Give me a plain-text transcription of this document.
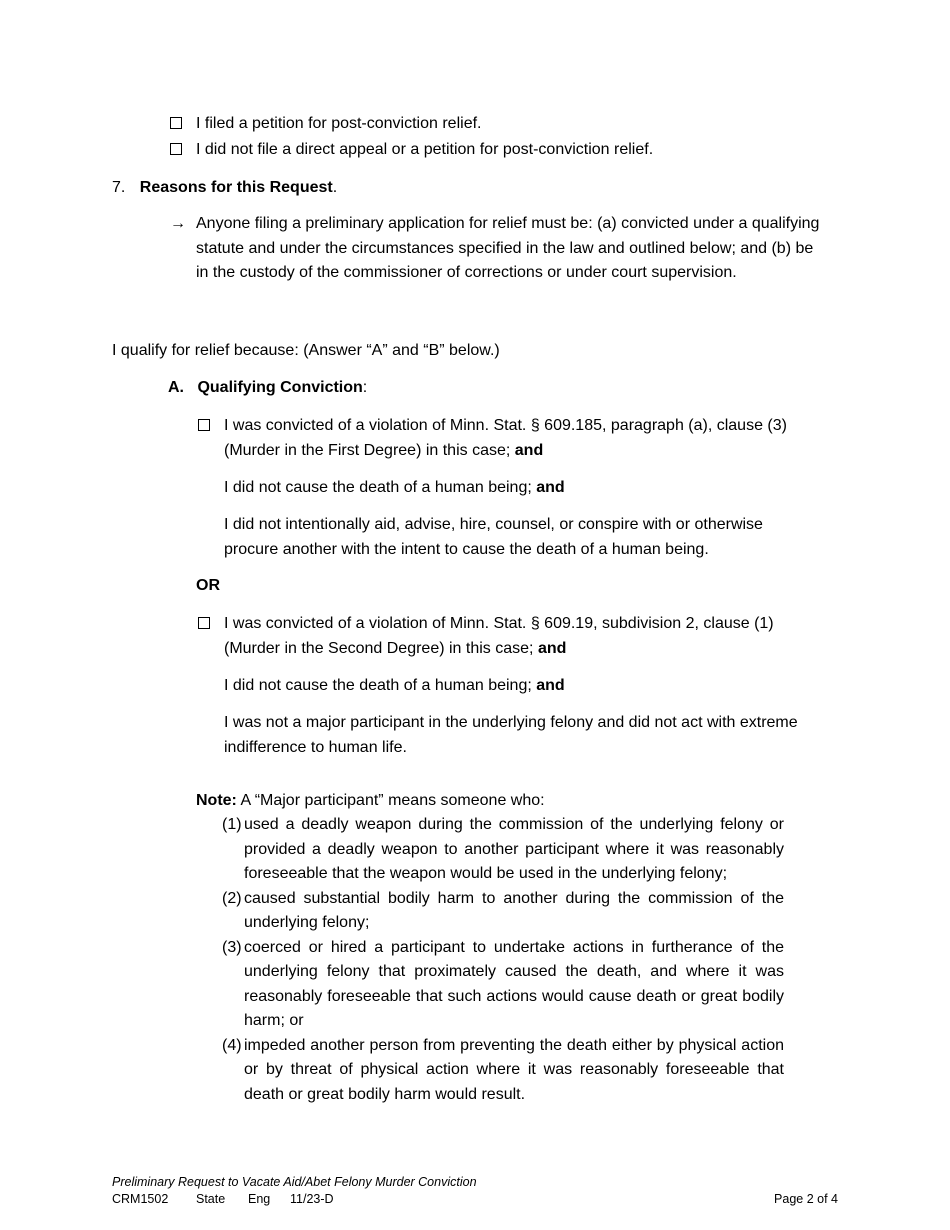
I filed a petition for post-conviction relief.
I did not file a direct appeal or a petition for post-conviction relief.
7. Reasons for this Request.
→ Anyone filing a preliminary application for relief must be: (a) convicted under a qualifying statute and under the circumstances specified in the law and outlined below; and (b) be in the custody of the commissioner of corrections or under court supervision.
I qualify for relief because: (Answer “A” and “B” below.)
A. Qualifying Conviction:
I was convicted of a violation of Minn. Stat. § 609.185, paragraph (a), clause (3) (Murder in the First Degree) in this case; and
I did not cause the death of a human being; and
I did not intentionally aid, advise, hire, counsel, or conspire with or otherwise procure another with the intent to cause the death of a human being.
OR
I was convicted of a violation of Minn. Stat. § 609.19, subdivision 2, clause (1) (Murder in the Second Degree) in this case; and
I did not cause the death of a human being; and
I was not a major participant in the underlying felony and did not act with extreme indifference to human life.
Note: A “Major participant” means someone who:
(1) used a deadly weapon during the commission of the underlying felony or provided a deadly weapon to another participant where it was reasonably foreseeable that the weapon would be used in the underlying felony;
(2) caused substantial bodily harm to another during the commission of the underlying felony;
(3) coerced or hired a participant to undertake actions in furtherance of the underlying felony that proximately caused the death, and where it was reasonably foreseeable that such actions would cause death or great bodily harm; or
(4) impeded another person from preventing the death either by physical action or by threat of physical action where it was reasonably foreseeable that death or great bodily harm would result.
Preliminary Request to Vacate Aid/Abet Felony Murder Conviction
CRM1502 State Eng 11/23-D	Page 2 of 4
